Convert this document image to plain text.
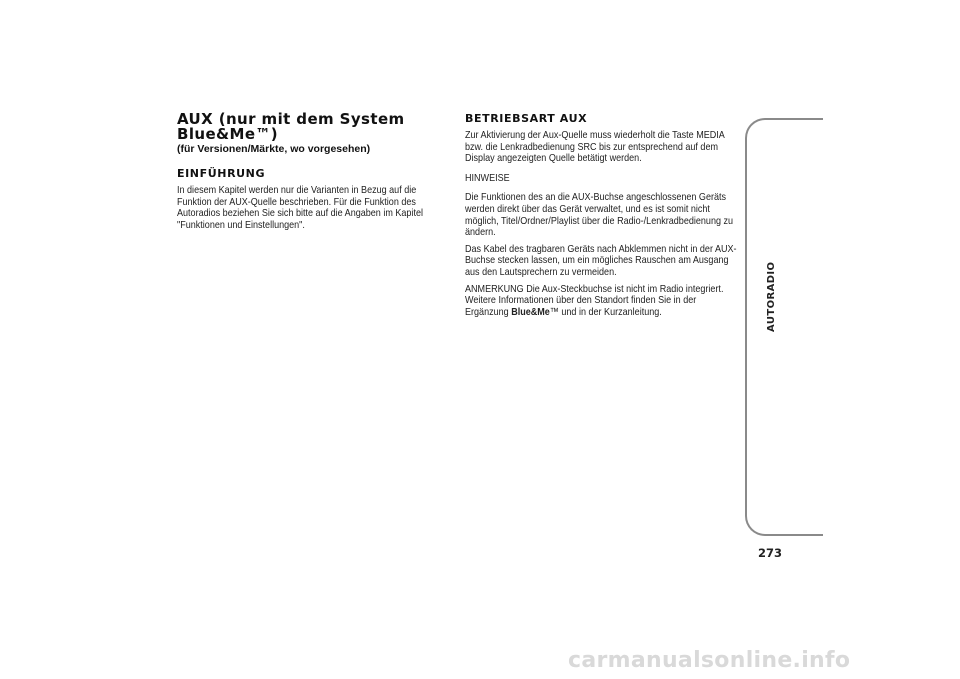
AUX (nur mit dem System Blue&Me™)
(für Versionen/Märkte, wo vorgesehen)
EINFÜHRUNG

In diesem Kapitel werden nur die Varianten in Bezug auf die Funktion der AUX-Quelle beschrieben. Für die Funktion des Autoradios beziehen Sie sich bitte auf die Angaben im Kapitel "Funktionen und Einstellungen".

BETRIEBSART AUX

Zur Aktivierung der Aux-Quelle muss wiederholt die Taste MEDIA bzw. die Lenkradbedienung SRC bis zur entsprechend auf dem Display angezeigten Quelle betätigt werden.

HINWEISE

Die Funktionen des an die AUX-Buchse angeschlossenen Geräts werden direkt über das Gerät verwaltet, und es ist somit nicht möglich, Titel/Ordner/Playlist über die Radio-/Lenkradbedienung zu ändern.

Das Kabel des tragbaren Geräts nach Abklemmen nicht in der AUX-Buchse stecken lassen, um ein mögliches Rauschen am Ausgang aus den Lautsprechern zu vermeiden.

ANMERKUNG Die Aux-Steckbuchse ist nicht im Radio integriert. Weitere Informationen über den Standort finden Sie in der Ergänzung Blue&Me™ und in der Kurzanleitung.	AUTORADIO
273
carmanualsonline.info
